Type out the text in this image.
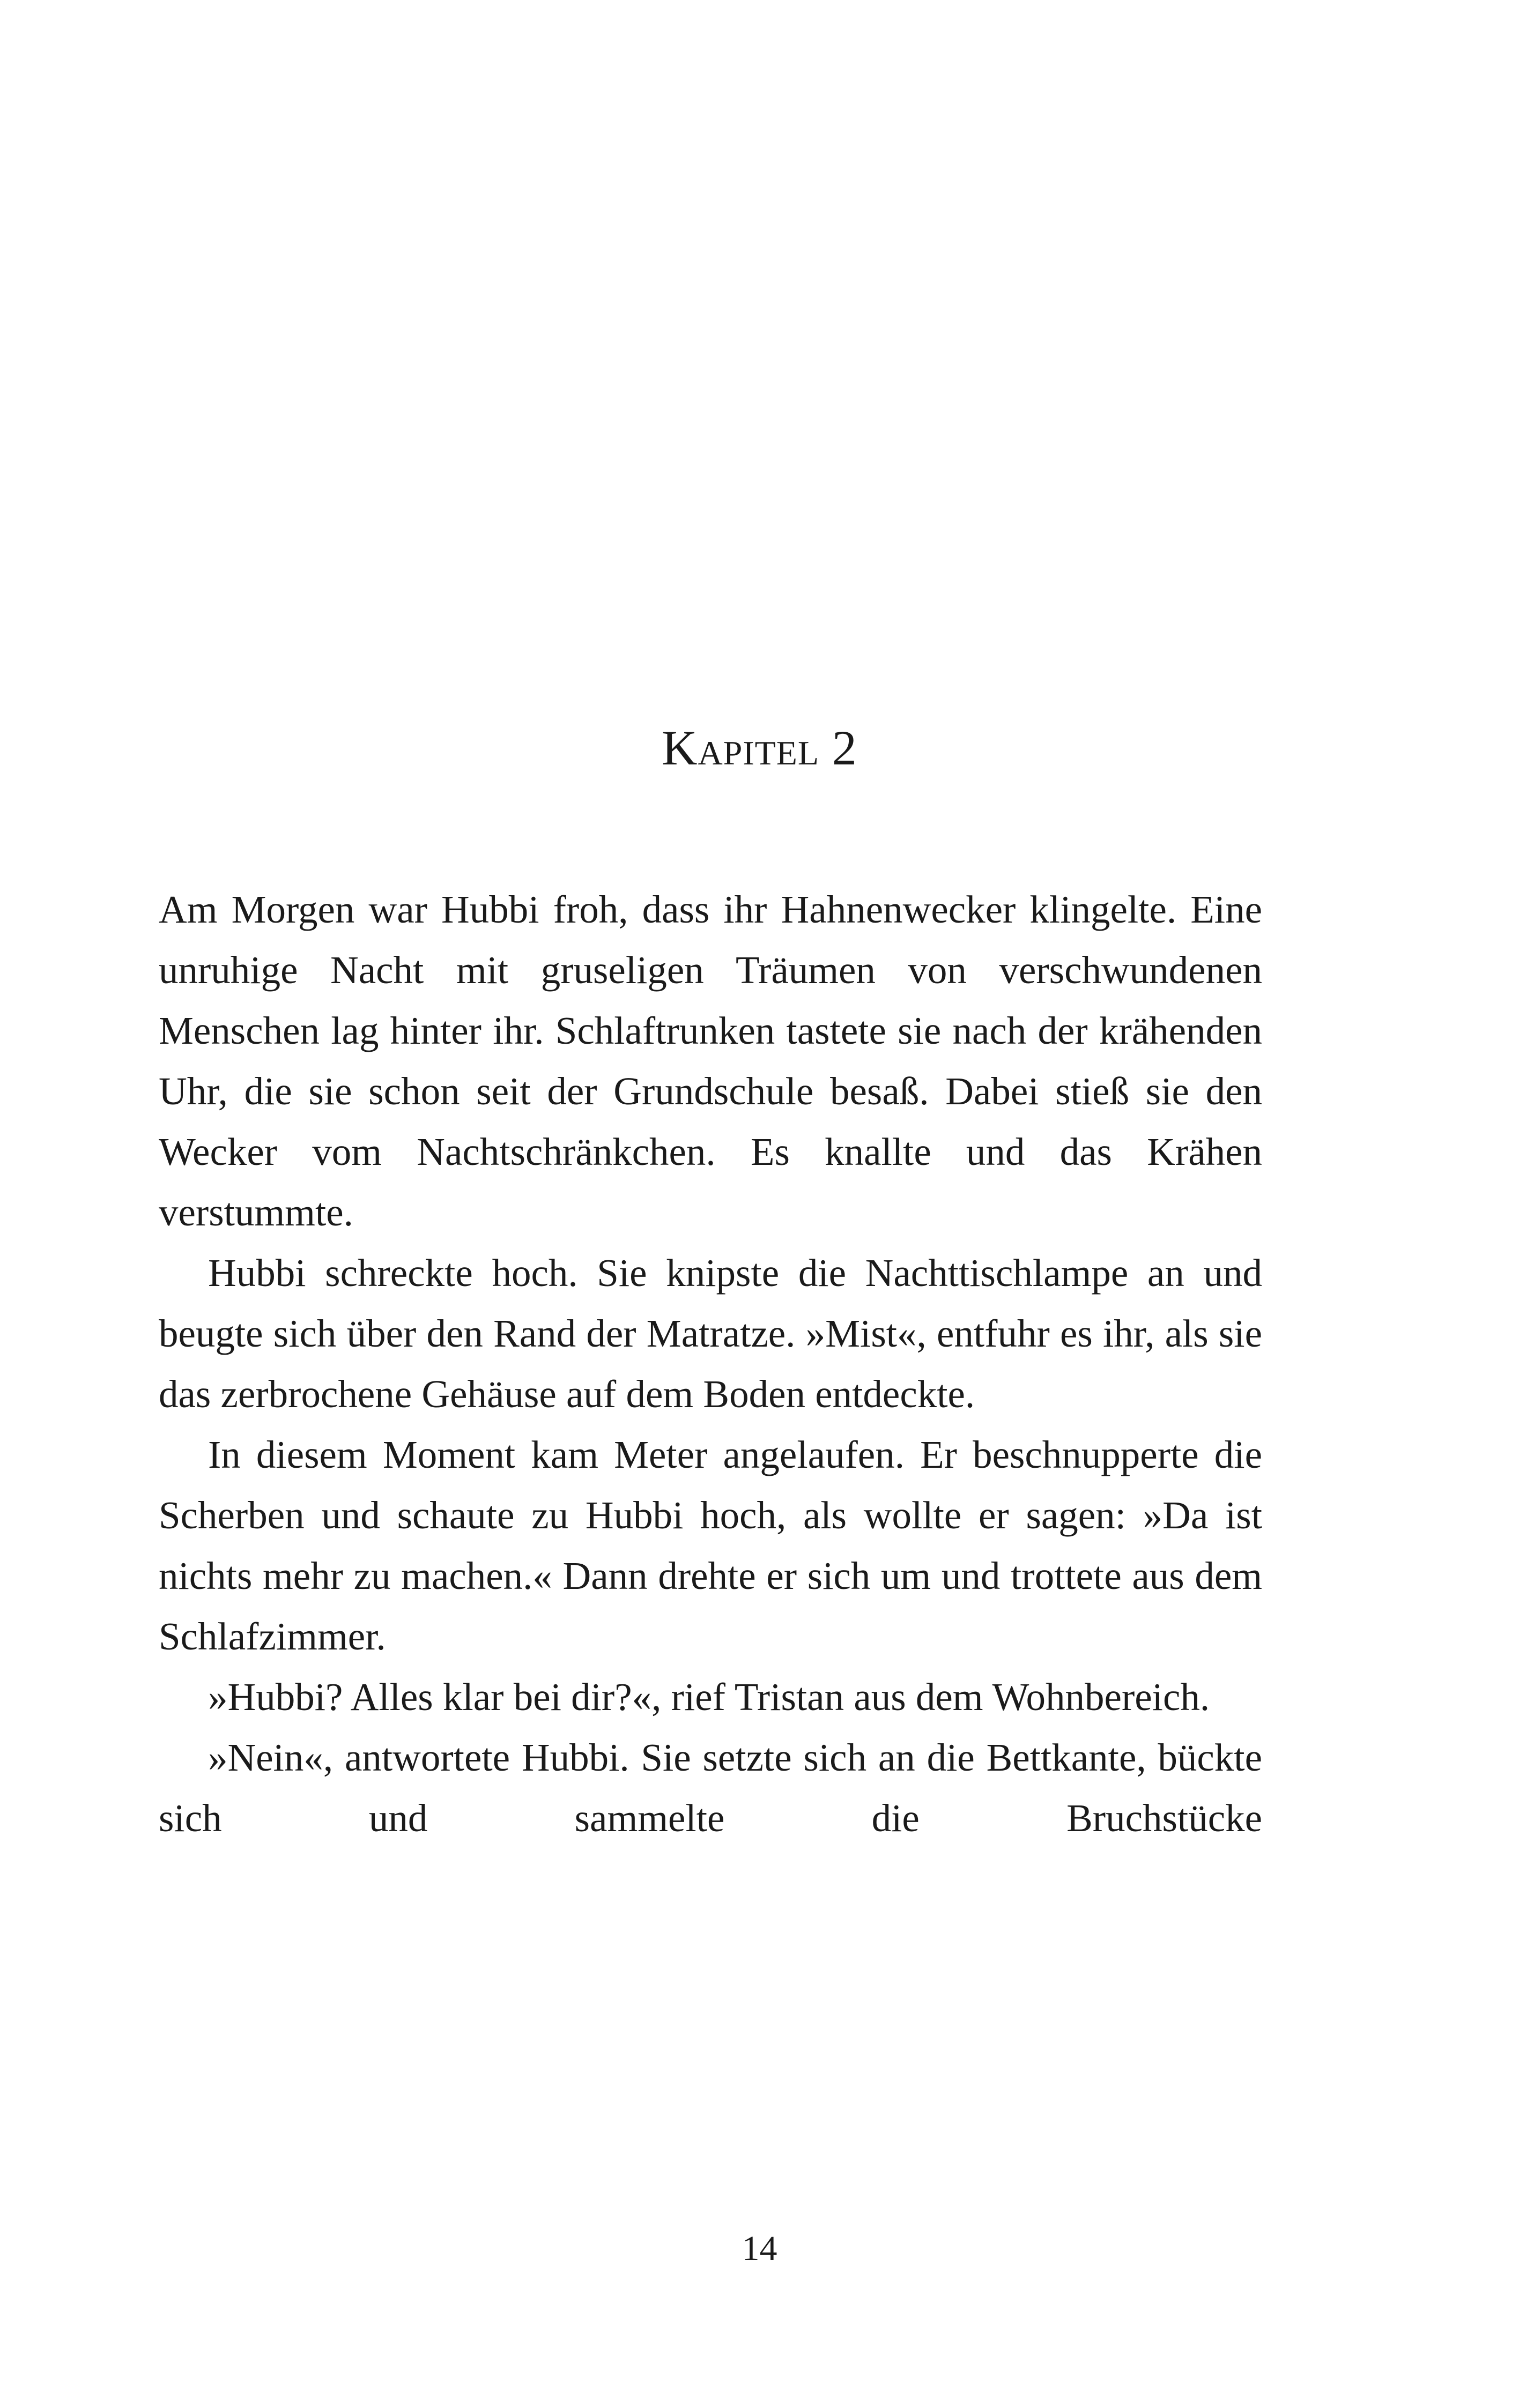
Kapitel 2

Am Morgen war Hubbi froh, dass ihr Hahnenwecker klingelte. Eine unruhige Nacht mit gruseligen Träumen von verschwundenen Menschen lag hinter ihr. Schlaftrunken tastete sie nach der krähenden Uhr, die sie schon seit der Grundschule besaß. Dabei stieß sie den Wecker vom Nachtschränkchen. Es knallte und das Krähen verstummte.

Hubbi schreckte hoch. Sie knipste die Nachttischlampe an und beugte sich über den Rand der Matratze. »Mist«, entfuhr es ihr, als sie das zerbrochene Gehäuse auf dem Boden entdeckte.

In diesem Moment kam Meter angelaufen. Er beschnupperte die Scherben und schaute zu Hubbi hoch, als wollte er sagen: »Da ist nichts mehr zu machen.« Dann drehte er sich um und trottete aus dem Schlafzimmer.

»Hubbi? Alles klar bei dir?«, rief Tristan aus dem Wohnbereich.

»Nein«, antwortete Hubbi. Sie setzte sich an die Bettkante, bückte sich und sammelte die Bruchstücke

14
